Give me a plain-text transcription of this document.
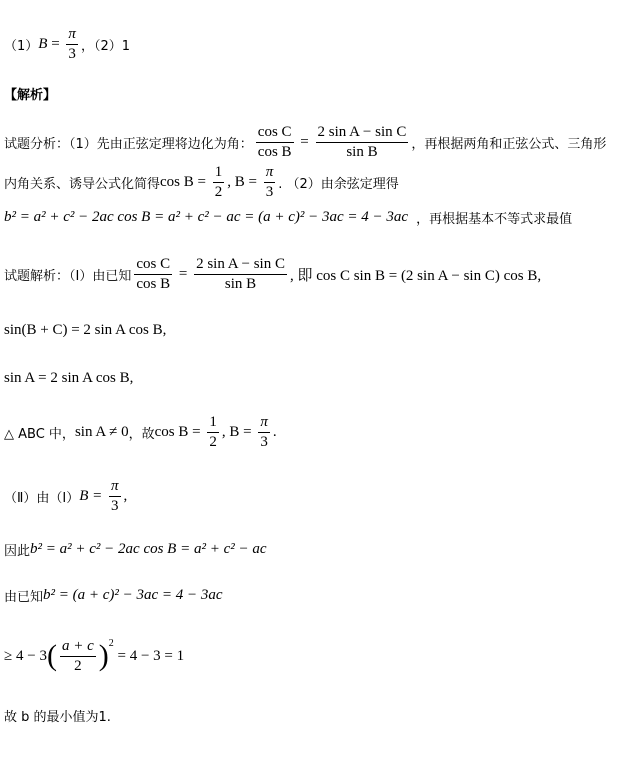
（1） $B = \frac{\pi}{3}$ ，（2）1
【解析】
试题分析：（1）先由正弦定理将边化为角： $\frac{\text{cos C}}{\text{cos B}} = \frac{\text{2 sin A − sin C}}{\text{sin B}}$ ，再根据两角和正弦公式、三角形
内角关系、诱导公式化简得 $\cos B = \frac{1}{2}$ , $B = \frac{\pi}{3}$ . （2）由余弦定理得
b² = a² + c² − 2ac cos B = a² + c² − ac = (a + c)² − 3ac = 4 − 3ac ，再根据基本不等式求最值
试题解析：（I）由已知 $\frac{\text{cos C}}{\text{cos B}} = \frac{\text{2 sin A − sin C}}{\text{sin B}}$ , 即 cos C sin B = (2 sin A − sin C) cos B,
sin(B + C) = 2 sin A cos B,
sin A = 2 sin A cos B,
△ ABC 中， sin A ≠ 0 ，故 $\cos B = \frac{1}{2}$ , $B = \frac{\pi}{3}$ .
（Ⅱ）由（I） $B = \frac{\pi}{3}$ ,
因此 b² = a² + c² − 2ac cos B = a² + c² − ac
由已知 b² = (a + c)² − 3ac = 4 − 3ac
≥ 4 − 3 ( $\frac{a + c}{2} )^2$
= 4 − 3 = 1
故 b 的最小值为1.
